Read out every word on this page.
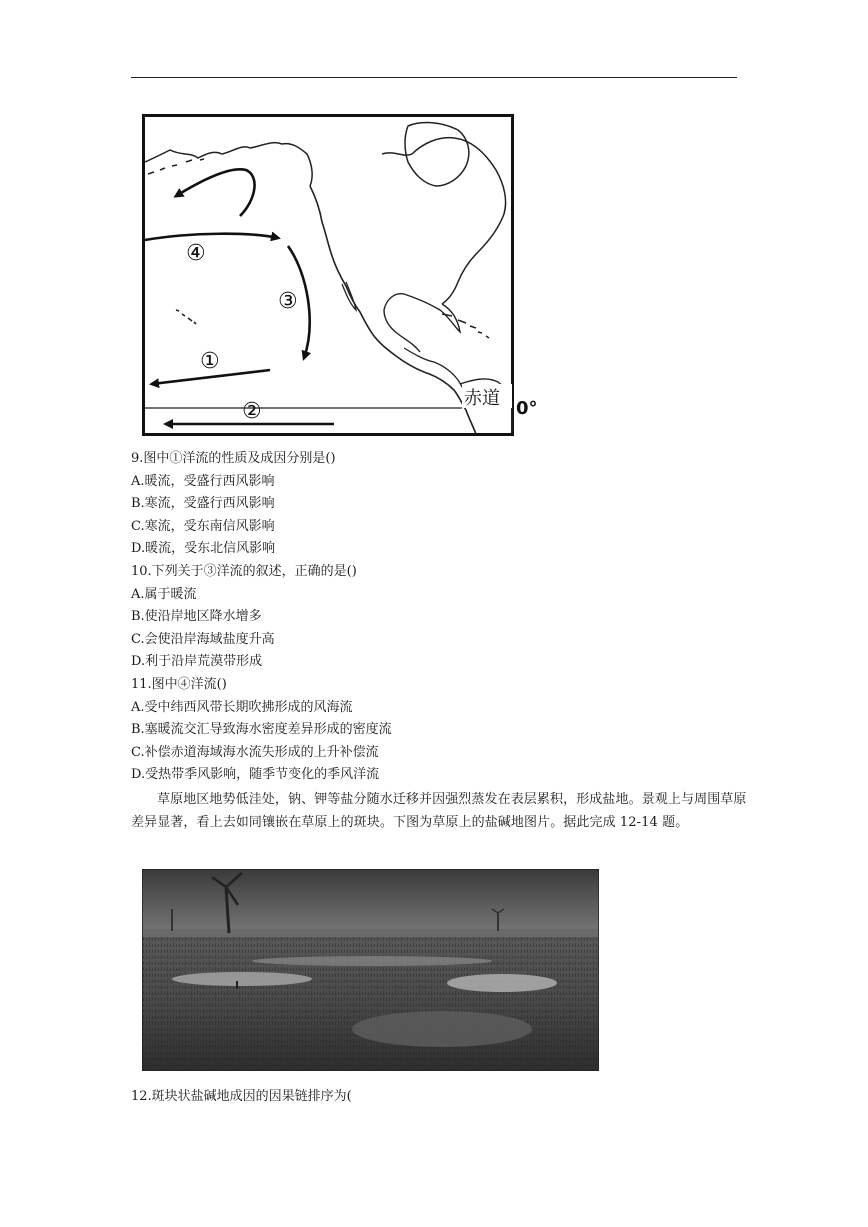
④
③
①
②
赤道 0°
9.图中①洋流的性质及成因分别是()
A.暖流，受盛行西风影响
B.寒流，受盛行西风影响
C.寒流，受东南信风影响
D.暖流，受东北信风影响
10.下列关于③洋流的叙述，正确的是()
A.属于暖流
B.使沿岸地区降水增多
C.会使沿岸海域盐度升高
D.利于沿岸荒漠带形成
11.图中④洋流()
A.受中纬西风带长期吹拂形成的风海流
B.塞暖流交汇导致海水密度差异形成的密度流
C.补偿赤道海域海水流失形成的上升补偿流
D.受热带季风影响，随季节变化的季风洋流

草原地区地势低洼处，钠、钾等盐分随水迁移并因强烈蒸发在表层累积，形成盐地。景观上与周围草原差异显著，看上去如同镶嵌在草原上的斑块。下图为草原上的盐碱地图片。据此完成 12-14 题。

12.斑块状盐碱地成因的因果链排序为(
